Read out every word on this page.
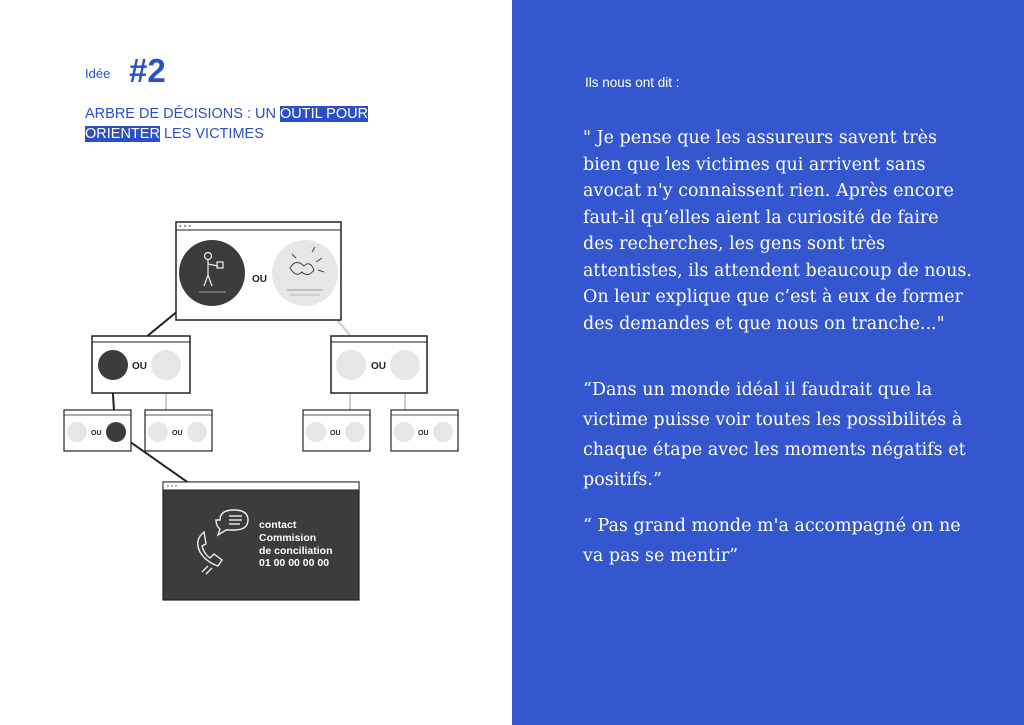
Idée #2
ARBRE DE DÉCISIONS : UN OUTIL POUR ORIENTER LES VICTIMES
OU
OU	OU
OU	OU	OU	OU
contact
Commision
de conciliation
01 00 00 00 00
Ils nous ont dit :
" Je pense que les assureurs savent très bien que les victimes qui arrivent sans avocat n'y connaissent rien. Après encore faut-il qu’elles aient la curiosité de faire des recherches, les gens sont très attentistes, ils attendent beaucoup de nous. On leur explique que c’est à eux de former des demandes et que nous on tranche..."
“Dans un monde idéal il faudrait que la victime puisse voir toutes les possibilités à chaque étape avec les moments négatifs et positifs.”
“ Pas grand monde m'a accompagné on ne va pas se mentir”
